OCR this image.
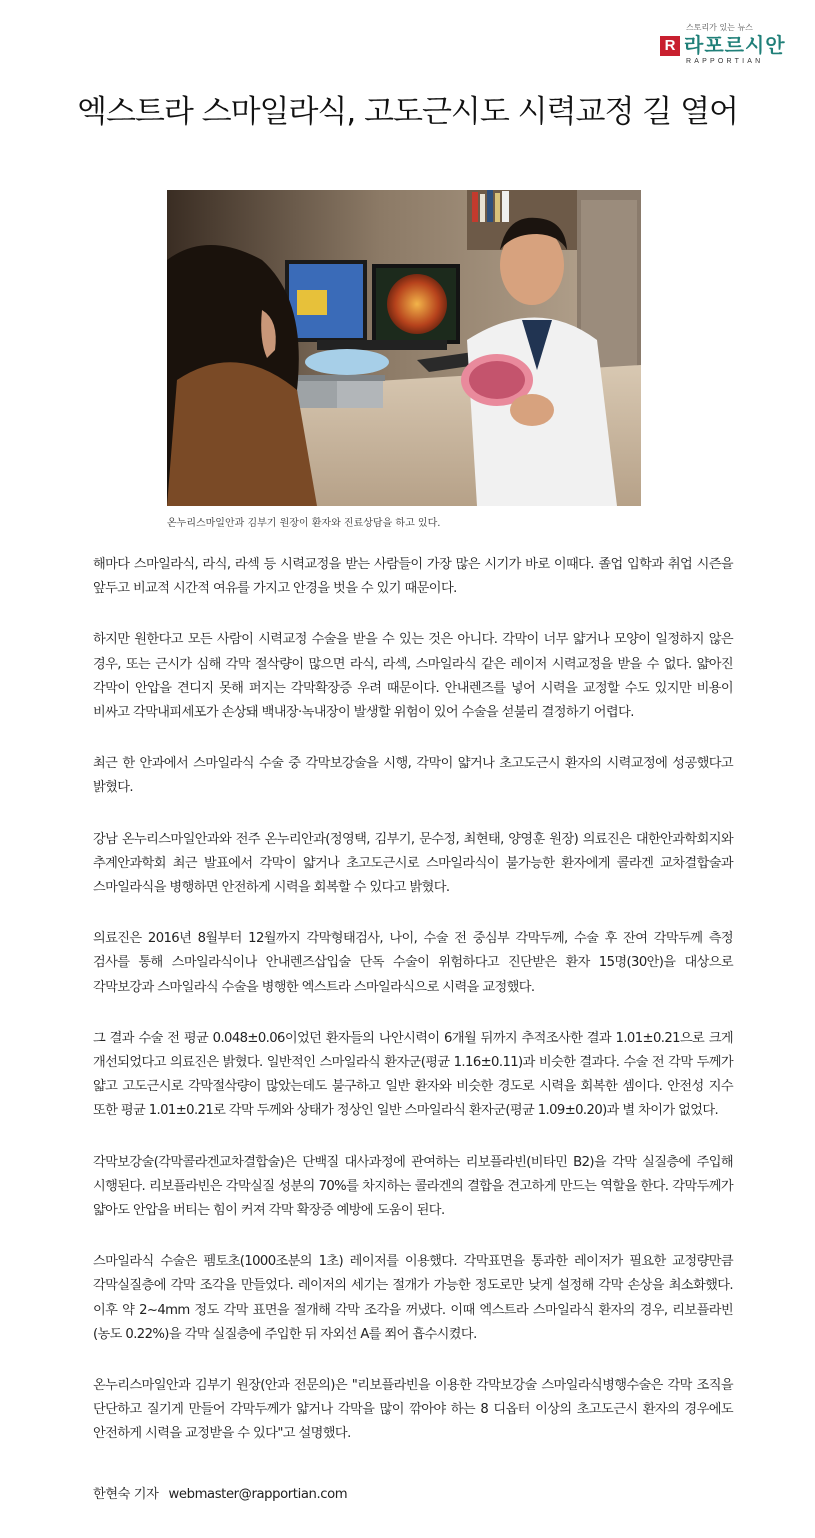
스토리가 있는 뉴스
R 라포르시안
RAPPORTIAN
엑스트라 스마일라식, 고도근시도 시력교정 길 열어
온누리스마일안과 김부기 원장이 환자와 진료상담을 하고 있다.

해마다 스마일라식, 라식, 라섹 등 시력교정을 받는 사람들이 가장 많은 시기가 바로 이때다. 졸업 입학과 취업 시즌을 앞두고 비교적 시간적 여유를 가지고 안경을 벗을 수 있기 때문이다.

하지만 원한다고 모든 사람이 시력교정 수술을 받을 수 있는 것은 아니다. 각막이 너무 얇거나 모양이 일정하지 않은 경우, 또는 근시가 심해 각막 절삭량이 많으면 라식, 라섹, 스마일라식 같은 레이저 시력교정을 받을 수 없다. 얇아진 각막이 안압을 견디지 못해 퍼지는 각막확장증 우려 때문이다. 안내렌즈를 넣어 시력을 교정할 수도 있지만 비용이 비싸고 각막내피세포가 손상돼 백내장·녹내장이 발생할 위험이 있어 수술을 섣불리 결정하기 어렵다.

최근 한 안과에서 스마일라식 수술 중 각막보강술을 시행, 각막이 얇거나 초고도근시 환자의 시력교정에 성공했다고 밝혔다.

강남 온누리스마일안과와 전주 온누리안과(정영택, 김부기, 문수정, 최현태, 양영훈 원장) 의료진은 대한안과학회지와 추계안과학회 최근 발표에서 각막이 얇거나 초고도근시로 스마일라식이 불가능한 환자에게 콜라겐 교차결합술과 스마일라식을 병행하면 안전하게 시력을 회복할 수 있다고 밝혔다.

의료진은 2016년 8월부터 12월까지 각막형태검사, 나이, 수술 전 중심부 각막두께, 수술 후 잔여 각막두께 측정 검사를 통해 스마일라식이나 안내렌즈삽입술 단독 수술이 위험하다고 진단받은 환자 15명(30안)을 대상으로 각막보강과 스마일라식 수술을 병행한 엑스트라 스마일라식으로 시력을 교정했다.

그 결과 수술 전 평균 0.048±0.06이었던 환자들의 나안시력이 6개월 뒤까지 추적조사한 결과 1.01±0.21으로 크게 개선되었다고 의료진은 밝혔다. 일반적인 스마일라식 환자군(평균 1.16±0.11)과 비슷한 결과다. 수술 전 각막 두께가 얇고 고도근시로 각막절삭량이 많았는데도 불구하고 일반 환자와 비슷한 경도로 시력을 회복한 셈이다. 안전성 지수 또한 평균 1.01±0.21로 각막 두께와 상태가 정상인 일반 스마일라식 환자군(평균 1.09±0.20)과 별 차이가 없었다.

각막보강술(각막콜라겐교차결합술)은 단백질 대사과정에 관여하는 리보플라빈(비타민 B2)을 각막 실질층에 주입해 시행된다. 리보플라빈은 각막실질 성분의 70%를 차지하는 콜라겐의 결합을 견고하게 만드는 역할을 한다. 각막두께가 얇아도 안압을 버티는 힘이 커져 각막 확장증 예방에 도움이 된다.

스마일라식 수술은 펨토초(1000조분의 1초) 레이저를 이용했다. 각막표면을 통과한 레이저가 필요한 교정량만큼 각막실질층에 각막 조각을 만들었다. 레이저의 세기는 절개가 가능한 정도로만 낮게 설정해 각막 손상을 최소화했다. 이후 약 2~4mm 정도 각막 표면을 절개해 각막 조각을 꺼냈다. 이때 엑스트라 스마일라식 환자의 경우, 리보플라빈(농도 0.22%)을 각막 실질층에 주입한 뒤 자외선 A를 쬐어 흡수시켰다.

온누리스마일안과 김부기 원장(안과 전문의)은 "리보플라빈을 이용한 각막보강술 스마일라식병행수술은 각막 조직을 단단하고 질기게 만들어 각막두께가 얇거나 각막을 많이 깎아야 하는 8 디옵터 이상의 초고도근시 환자의 경우에도 안전하게 시력을 교정받을 수 있다"고 설명했다.

한현숙 기자 webmaster@rapportian.com
